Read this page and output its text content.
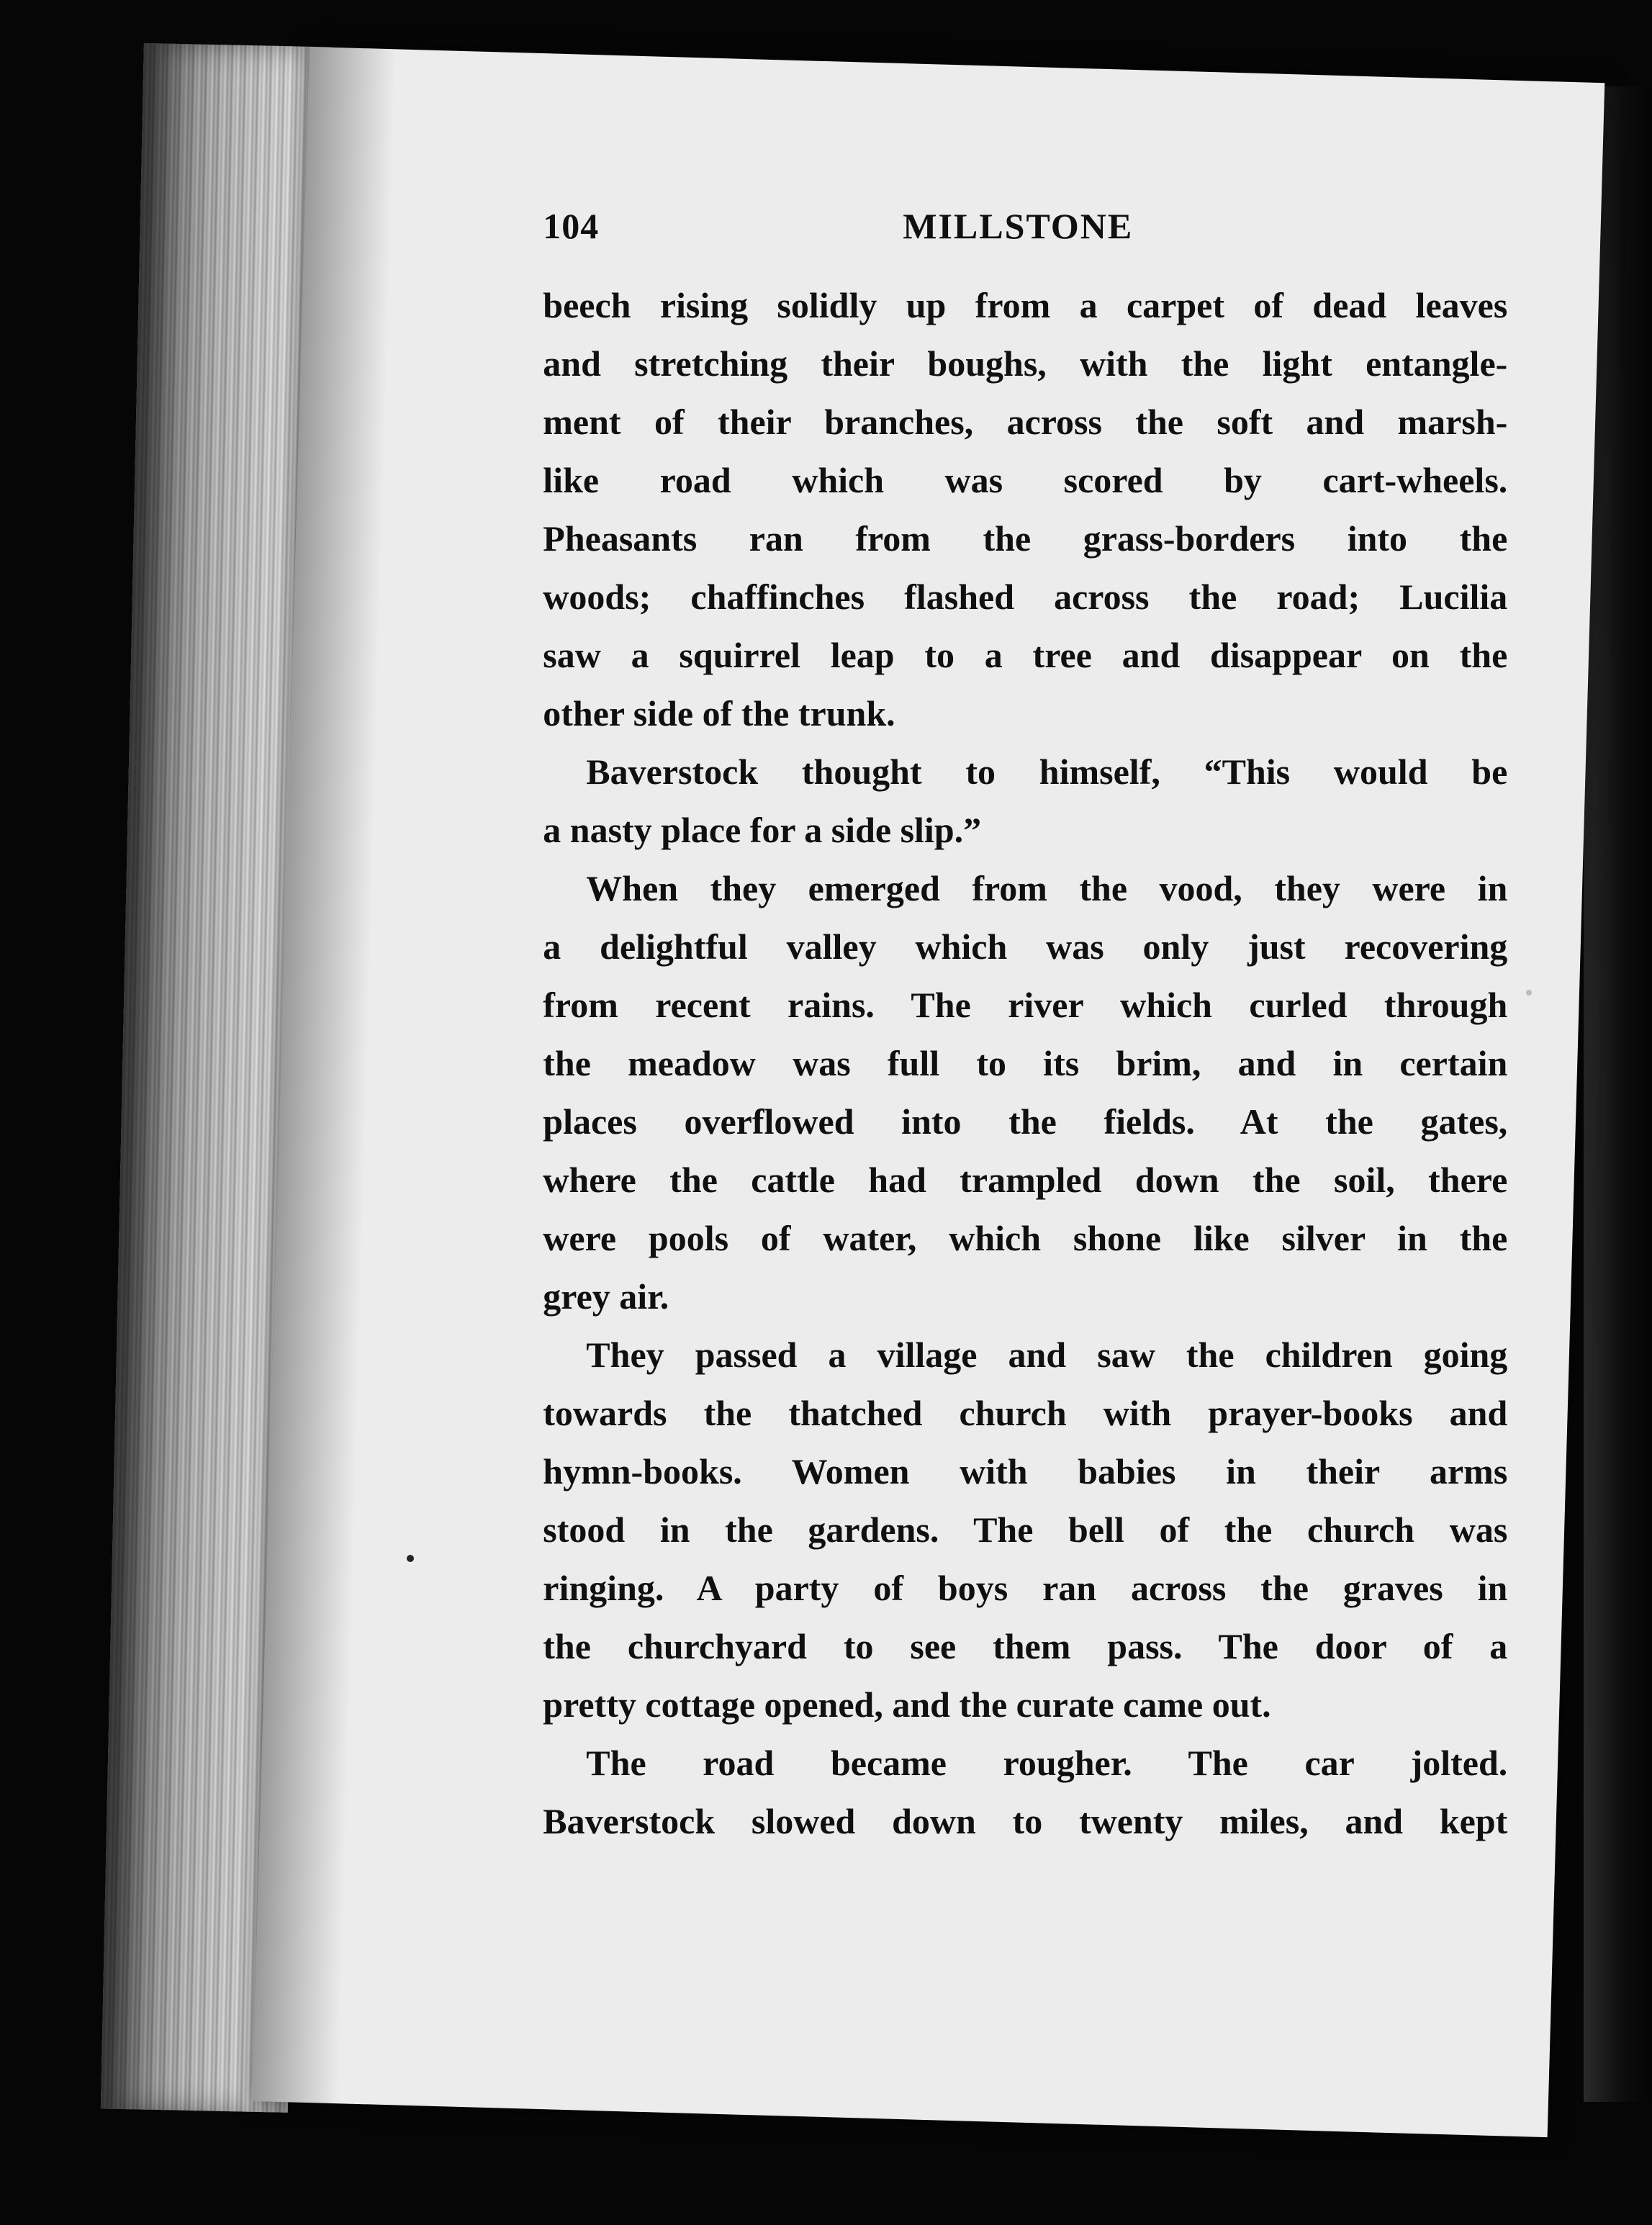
104	MILLSTONE
beech rising solidly up from a carpet of dead leaves
and stretching their boughs, with the light entangle-
ment of their branches, across the soft and marsh-
like road which was scored by cart-wheels.
Pheasants ran from the grass-borders into the
woods; chaffinches flashed across the road; Lucilia
saw a squirrel leap to a tree and disappear on the
other side of the trunk.
Baverstock thought to himself, “This would be
a nasty place for a side slip.”
When they emerged from the vood, they were in
a delightful valley which was only just recovering
from recent rains. The river which curled through
the meadow was full to its brim, and in certain
places overflowed into the fields. At the gates,
where the cattle had trampled down the soil, there
were pools of water, which shone like silver in the
grey air.
They passed a village and saw the children going
towards the thatched church with prayer-books and
hymn-books. Women with babies in their arms
stood in the gardens. The bell of the church was
ringing. A party of boys ran across the graves in
the churchyard to see them pass. The door of a
pretty cottage opened, and the curate came out.
The road became rougher. The car jolted.
Baverstock slowed down to twenty miles, and kept
